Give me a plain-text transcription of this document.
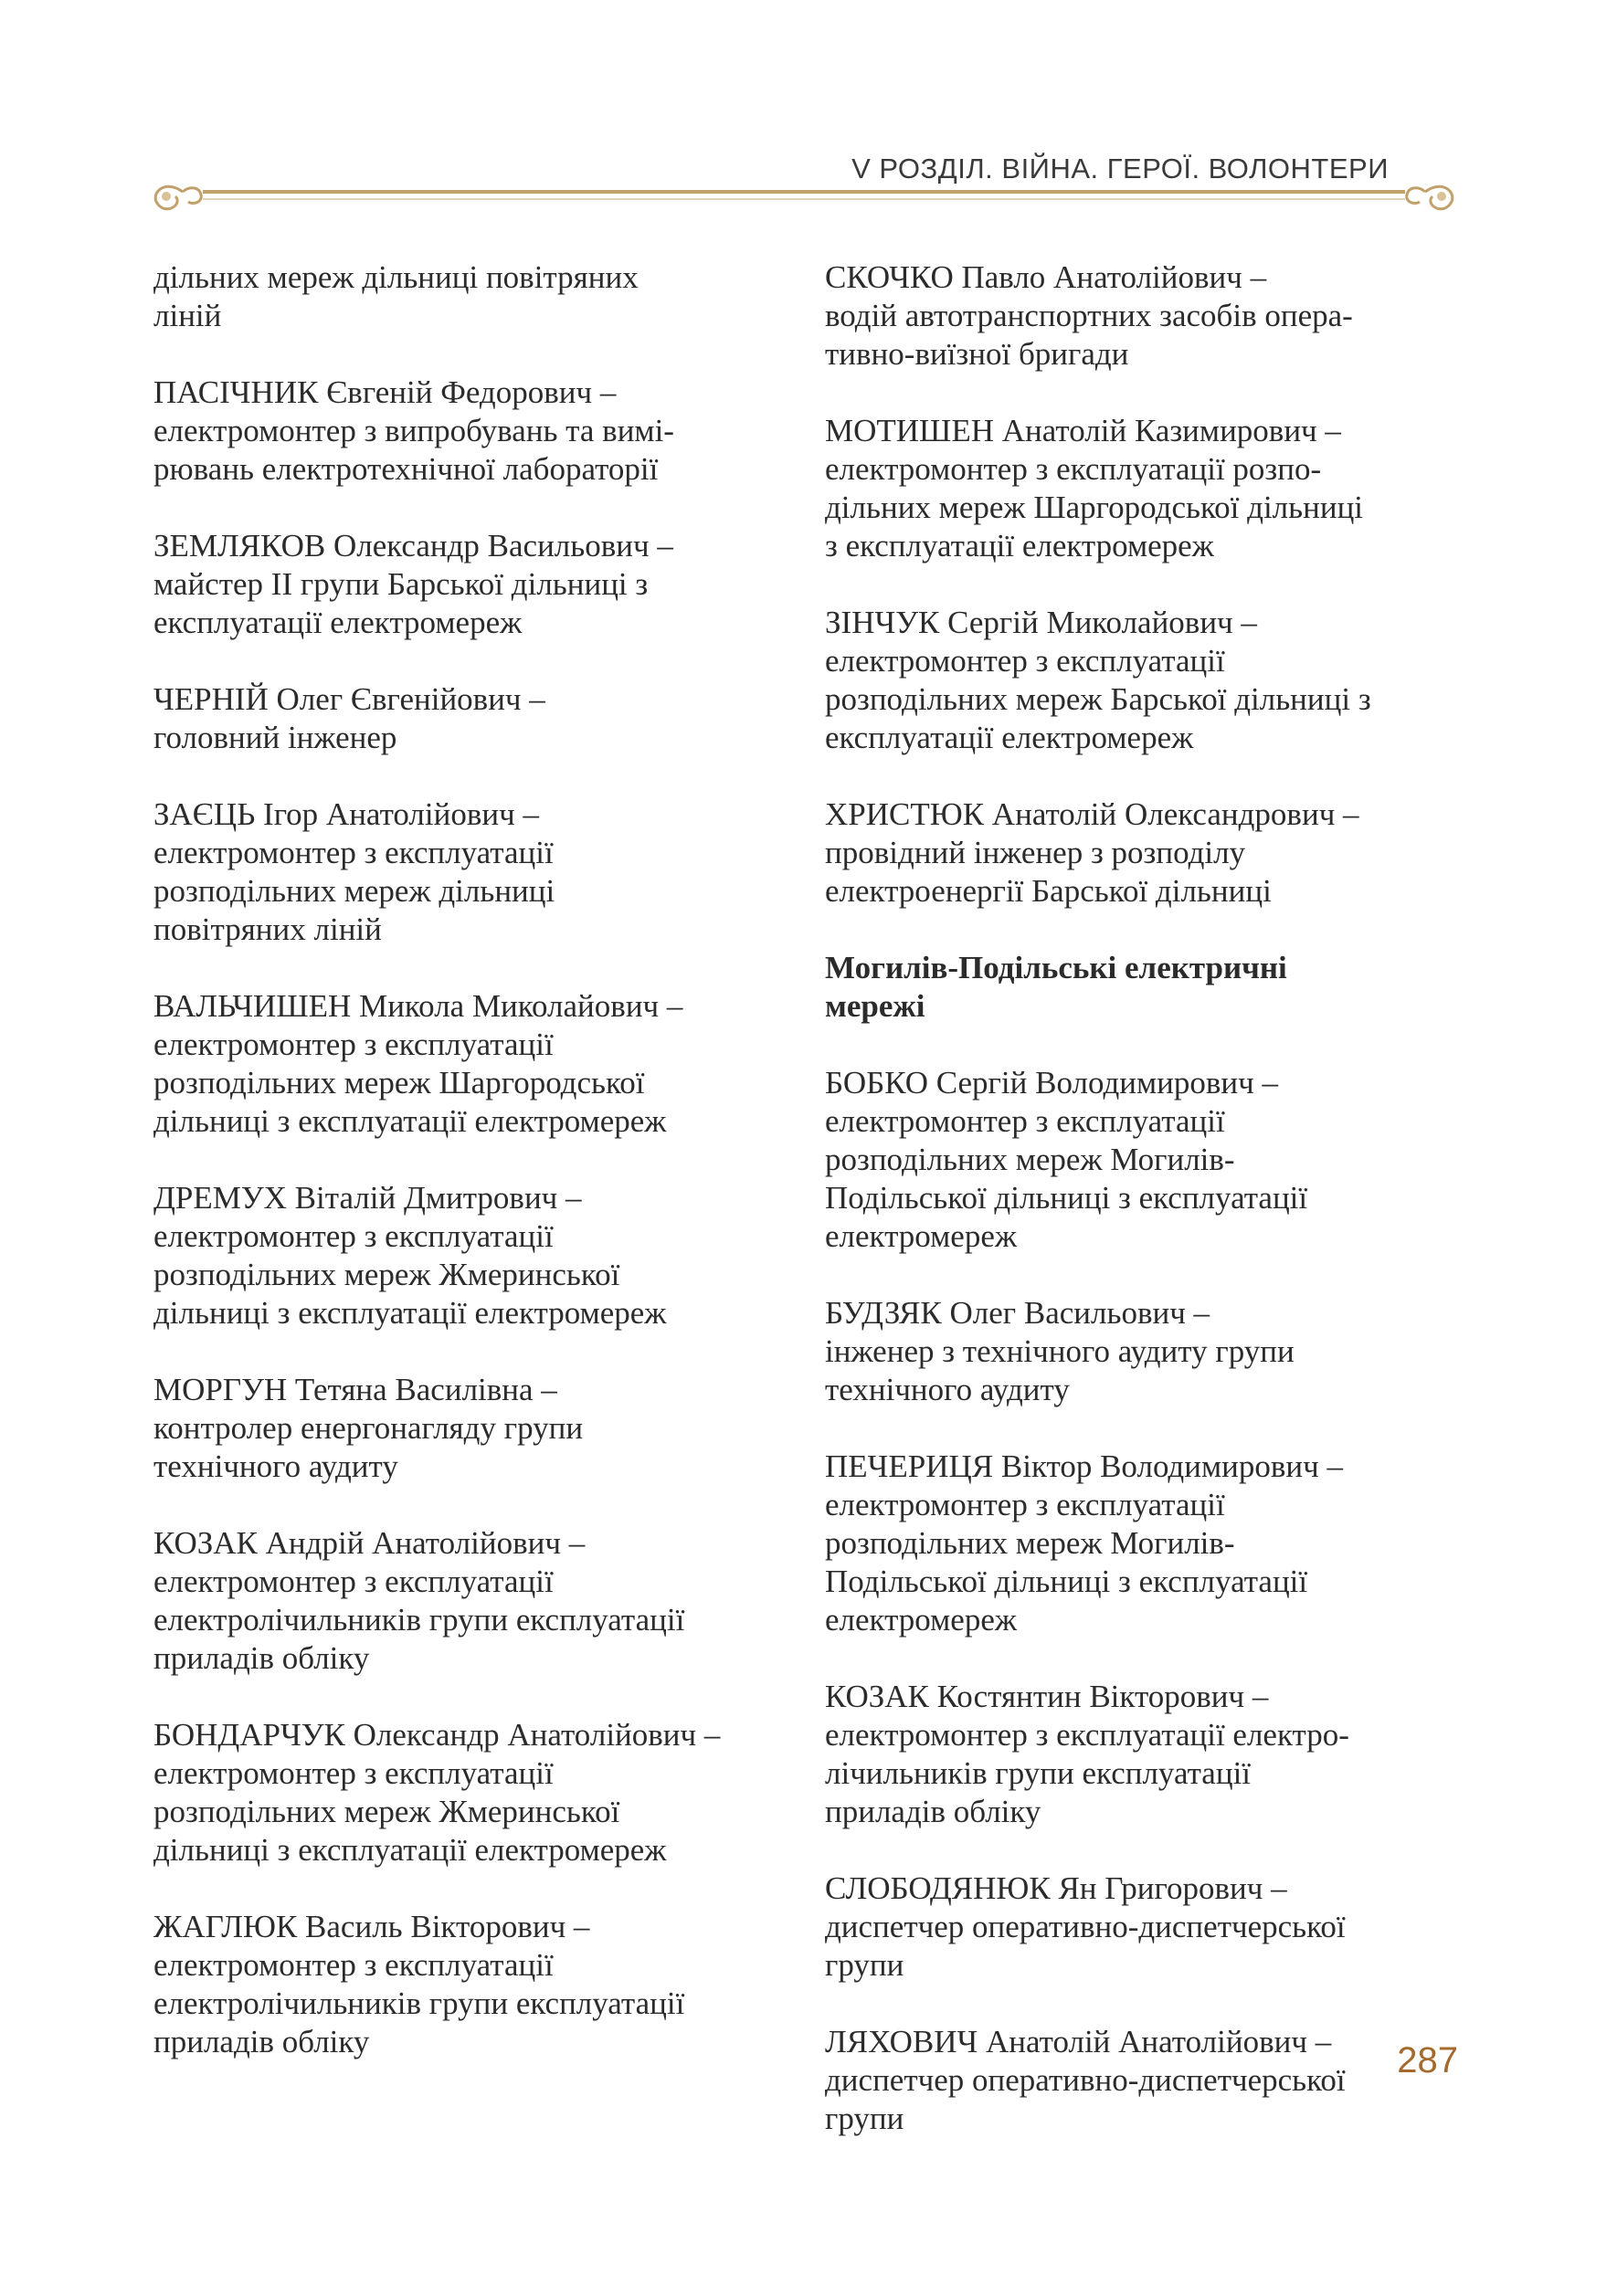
V РОЗДІЛ. ВІЙНА. ГЕРОЇ. ВОЛОНТЕРИ
дільних мереж дільниці повітряних
ліній
ПАСІЧНИК Євгеній Федорович –
електромонтер з випробувань та вимі-
рювань електротехнічної лабораторії
ЗЕМЛЯКОВ Олександр Васильович –
майстер ІІ групи Барської дільниці з
експлуатації електромереж
ЧЕРНІЙ Олег Євгенійович –
головний інженер
ЗАЄЦЬ Ігор Анатолійович –
електромонтер з експлуатації
розподільних мереж дільниці
повітряних ліній
ВАЛЬЧИШЕН Микола Миколайович –
електромонтер з експлуатації
розподільних мереж Шаргородської
дільниці з експлуатації електромереж
ДРЕМУХ Віталій Дмитрович –
електромонтер з експлуатації
розподільних мереж Жмеринської
дільниці з експлуатації електромереж
МОРГУН Тетяна Василівна –
контролер енергонагляду групи
технічного аудиту
КОЗАК Андрій Анатолійович –
електромонтер з експлуатації
електролічильників групи експлуатації
приладів обліку
БОНДАРЧУК Олександр Анатолійович –
електромонтер з експлуатації
розподільних мереж Жмеринської
дільниці з експлуатації електромереж
ЖАГЛЮК Василь Вікторович –
електромонтер з експлуатації
електролічильників групи експлуатації
приладів обліку
СКОЧКО Павло Анатолійович –
водій автотранспортних засобів опера-
тивно-виїзної бригади
МОТИШЕН Анатолій Казимирович –
електромонтер з експлуатації розпо-
дільних мереж Шаргородської дільниці
з експлуатації електромереж
ЗІНЧУК Сергій Миколайович –
електромонтер з експлуатації
розподільних мереж Барської дільниці з
експлуатації електромереж
ХРИСТЮК Анатолій Олександрович –
провідний інженер з розподілу
електроенергії Барської дільниці
Могилів-Подільські електричні
мережі
БОБКО Сергій Володимирович –
електромонтер з експлуатації
розподільних мереж Могилів-
Подільської дільниці з експлуатації
електромереж
БУДЗЯК Олег Васильович –
інженер з технічного аудиту групи
технічного аудиту
ПЕЧЕРИЦЯ Віктор Володимирович –
електромонтер з експлуатації
розподільних мереж Могилів-
Подільської дільниці з експлуатації
електромереж
КОЗАК Костянтин Вікторович –
електромонтер з експлуатації електро-
лічильників групи експлуатації
приладів обліку
СЛОБОДЯНЮК Ян Григорович –
диспетчер оперативно-диспетчерської
групи
ЛЯХОВИЧ Анатолій Анатолійович –
диспетчер оперативно-диспетчерської
групи
287
